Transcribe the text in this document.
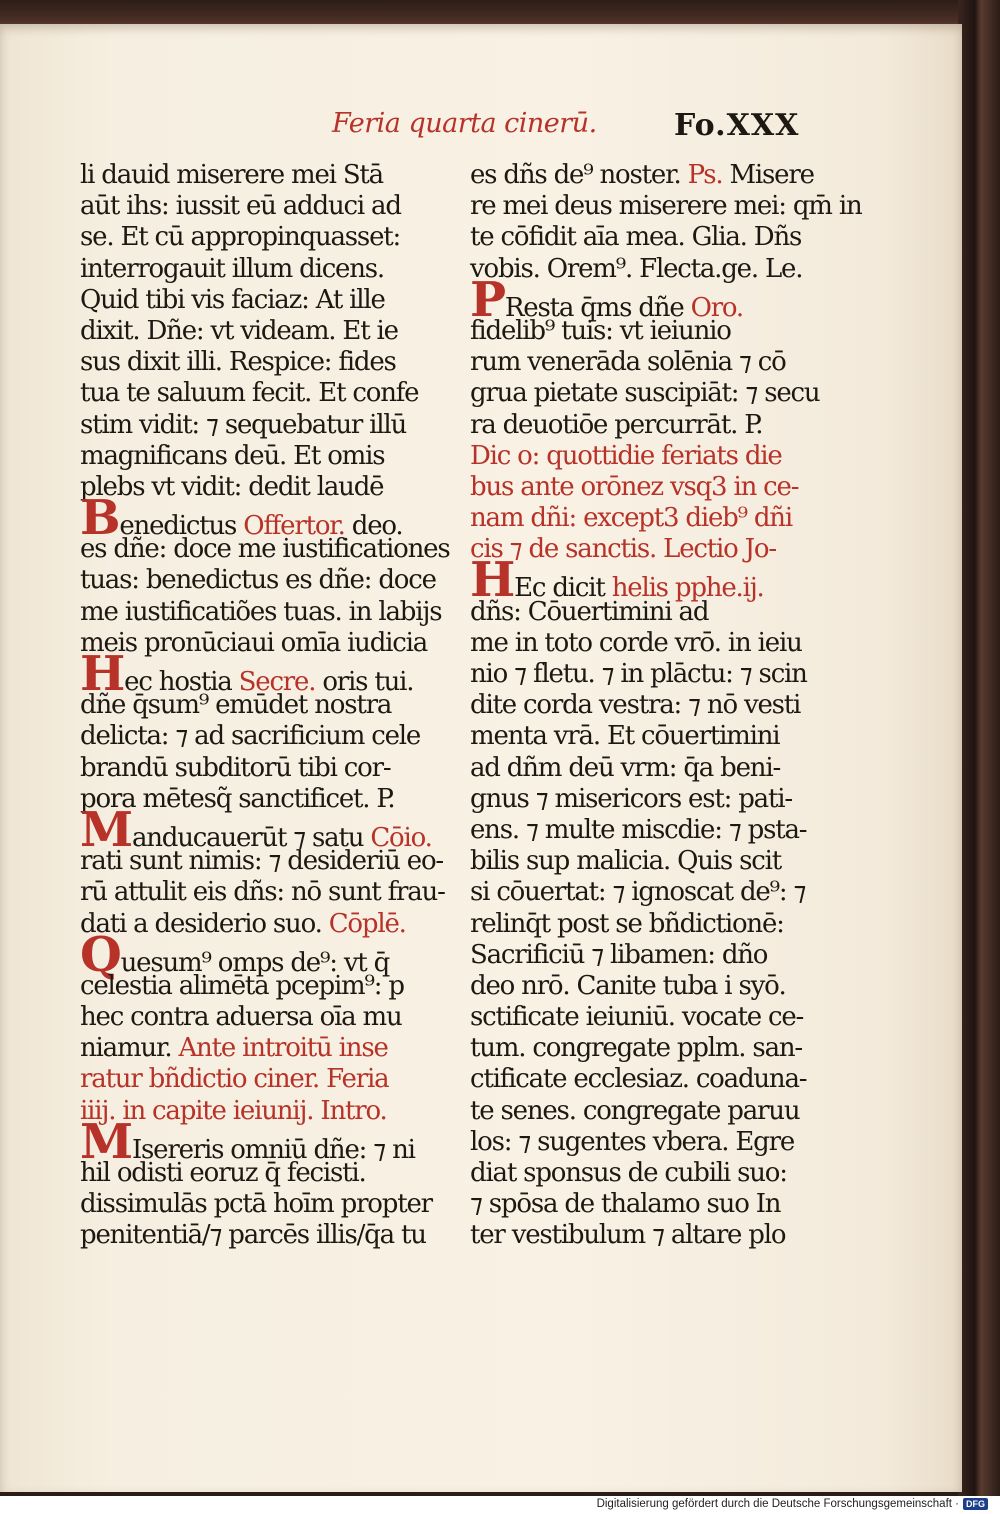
Feria quarta cinerū.	Fo.XXX
li dauid miserere mei Stā
aūt ihs: iussit eū adduci ad
se. Et cū appropinquasset:
interrogauit illum dicens.
Quid tibi vis faciaz: At ille
dixit. Dñe: vt videam. Et ie
sus dixit illi. Respice: fides
tua te saluum fecit. Et confe
stim vidit: ⁊ sequebatur illū
magnificans deū. Et omis
plebs vt vidit: dedit laudē
Benedictus Offertor. deo.
es dñe: doce me iustificationes
tuas: benedictus es dñe: doce
me iustificatiões tuas. in labijs
meis pronūciaui omīa iudicia
Hec hostia Secre. oris tui.
dñe q̄sum⁹ emūdet nostra
delicta: ⁊ ad sacrificium cele
brandū subditorū tibi cor-
pora mētesq̃ sanctificet. P.
Manducauerūt ⁊ satu Cōio.
rati sunt nimis: ⁊ desideriū eo-
rū attulit eis dñs: nō sunt frau-
dati a desiderio suo. Cōplē.
Quesum⁹ omps de⁹: vt q̄
celestia alimēta pcepim⁹: p
hec contra aduersa oīa mu
niamur. Ante introitū inse
ratur bñdictio ciner. Feria
iiij. in capite ieiunij. Intro.
MIsereris omniū dñe: ⁊ ni
hil odisti eoruz q̄ fecisti.
dissimulās pctā hoīm propter
penitentiā/⁊ parcēs illis/q̄a tu
es dñs de⁹ noster. Ps. Misere
re mei deus miserere mei: qm̄ in
te cōfidit aīa mea. Glia. Dñs
vobis. Orem⁹. Flecta.ge. Le.
PResta q̄ms dñe Oro.
fidelib⁹ tuis: vt ieiunio
rum venerāda solēnia ⁊ cō
grua pietate suscipiāt: ⁊ secu
ra deuotiōe percurrāt. P.
Dic o: quottidie feriats die
bus ante orōnez vsq3 in ce-
nam dñi: except3 dieb⁹ dñi
cis ⁊ de sanctis. Lectio Jo-
HEc dicit helis pphe.ij.
dñs: Cōuertimini ad
me in toto corde vrō. in ieiu
nio ⁊ fletu. ⁊ in plāctu: ⁊ scin
dite corda vestra: ⁊ nō vesti
menta vrā. Et cōuertimini
ad dñm deū vrm: q̄a beni-
gnus ⁊ misericors est: pati-
ens. ⁊ multe miscdie: ⁊ psta-
bilis sup malicia. Quis scit
si cōuertat: ⁊ ignoscat de⁹: ⁊
relinq̄t post se bñdictionē:
Sacrificiū ⁊ libamen: dño
deo nrō. Canite tuba i syō.
sctificate ieiuniū. vocate ce-
tum. congregate pplm. san-
ctificate ecclesiaz. coaduna-
te senes. congregate paruu
los: ⁊ sugentes vbera. Egre
diat sponsus de cubili suo:
⁊ spōsa de thalamo suo In
ter vestibulum ⁊ altare plo
Digitalisierung gefördert durch die Deutsche Forschungsgemeinschaft · DFG
